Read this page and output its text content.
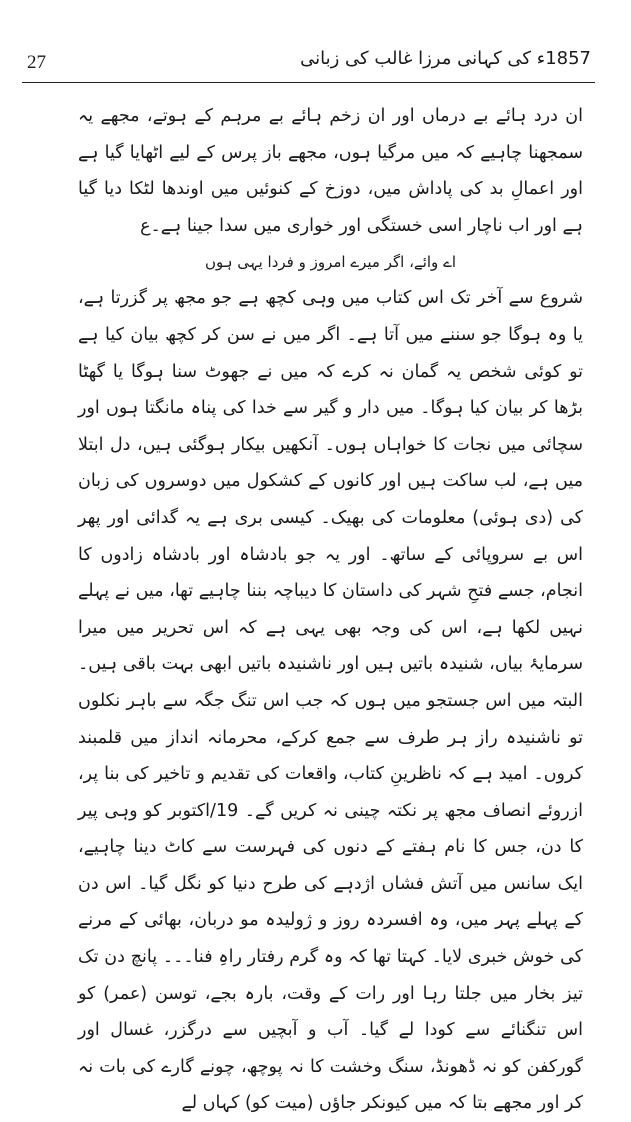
27	1857ء کی کہانی مرزا غالب کی زبانی

ان درد ہائے بے درماں اور ان زخم ہائے بے مرہم کے ہوتے، مجھے یہ سمجھنا چاہیے کہ میں مرگیا ہوں، مجھے باز پرس کے لیے اٹھایا گیا ہے اور اعمالِ بد کی پاداش میں، دوزخ کے کنوئیں میں اوندھا لٹکا دیا گیا ہے اور اب ناچار اسی خستگی اور خواری میں سدا جینا ہے۔ع

اے وائے، اگر میرے امروز و فردا یہی ہوں

شروع سے آخر تک اس کتاب میں وہی کچھ ہے جو مجھ پر گزرتا ہے، یا وہ ہوگا جو سننے میں آتا ہے۔ اگر میں نے سن کر کچھ بیان کیا ہے تو کوئی شخص یہ گمان نہ کرے کہ میں نے جھوٹ سنا ہوگا یا گھٹا بڑھا کر بیان کیا ہوگا۔ میں دار و گیر سے خدا کی پناہ مانگتا ہوں اور سچائی میں نجات کا خواہاں ہوں۔ آنکھیں بیکار ہوگئی ہیں، دل ابتلا میں ہے، لب ساکت ہیں اور کانوں کے کشکول میں دوسروں کی زبان کی (دی ہوئی) معلومات کی بھیک۔ کیسی بری ہے یہ گدائی اور پھر اس بے سروپائی کے ساتھ۔ اور یہ جو بادشاہ اور بادشاہ زادوں کا انجام، جسے فتحِ شہر کی داستان کا دیباچہ بننا چاہیے تھا، میں نے پہلے نہیں لکھا ہے، اس کی وجہ بھی یہی ہے کہ اس تحریر میں میرا سرمایۂ بیاں، شنیدہ باتیں ہیں اور ناشنیدہ باتیں ابھی بہت باقی ہیں۔ البتہ میں اس جستجو میں ہوں کہ جب اس تنگ جگہ سے باہر نکلوں تو ناشنیدہ راز ہر طرف سے جمع کرکے، محرمانہ انداز میں قلمبند کروں۔ امید ہے کہ ناظرینِ کتاب، واقعات کی تقدیم و تاخیر کی بنا پر، ازروئے انصاف مجھ پر نکتہ چینی نہ کریں گے۔ 19/اکتوبر کو وہی پیر کا دن، جس کا نام ہفتے کے دنوں کی فہرست سے کاٹ دینا چاہیے، ایک سانس میں آتش فشاں اژدہے کی طرح دنیا کو نگل گیا۔ اس دن کے پہلے پہر میں، وہ افسردہ روز و ژولیدہ مو دربان، بھائی کے مرنے کی خوش خبری لایا۔ کہتا تھا کہ وہ گرم رفتار راہِ فنا۔۔۔ پانچ دن تک تیز بخار میں جلتا رہا اور رات کے وقت، بارہ بجے، توسن (عمر) کو اس تنگنائے سے کودا لے گیا۔ آب و آبچیں سے درگزر، غسال اور گورکفن کو نہ ڈھونڈ، سنگ وخشت کا نہ پوچھ، چونے گارے کی بات نہ کر اور مجھے بتا کہ میں کیونکر جاؤں (میت کو) کہاں لے
